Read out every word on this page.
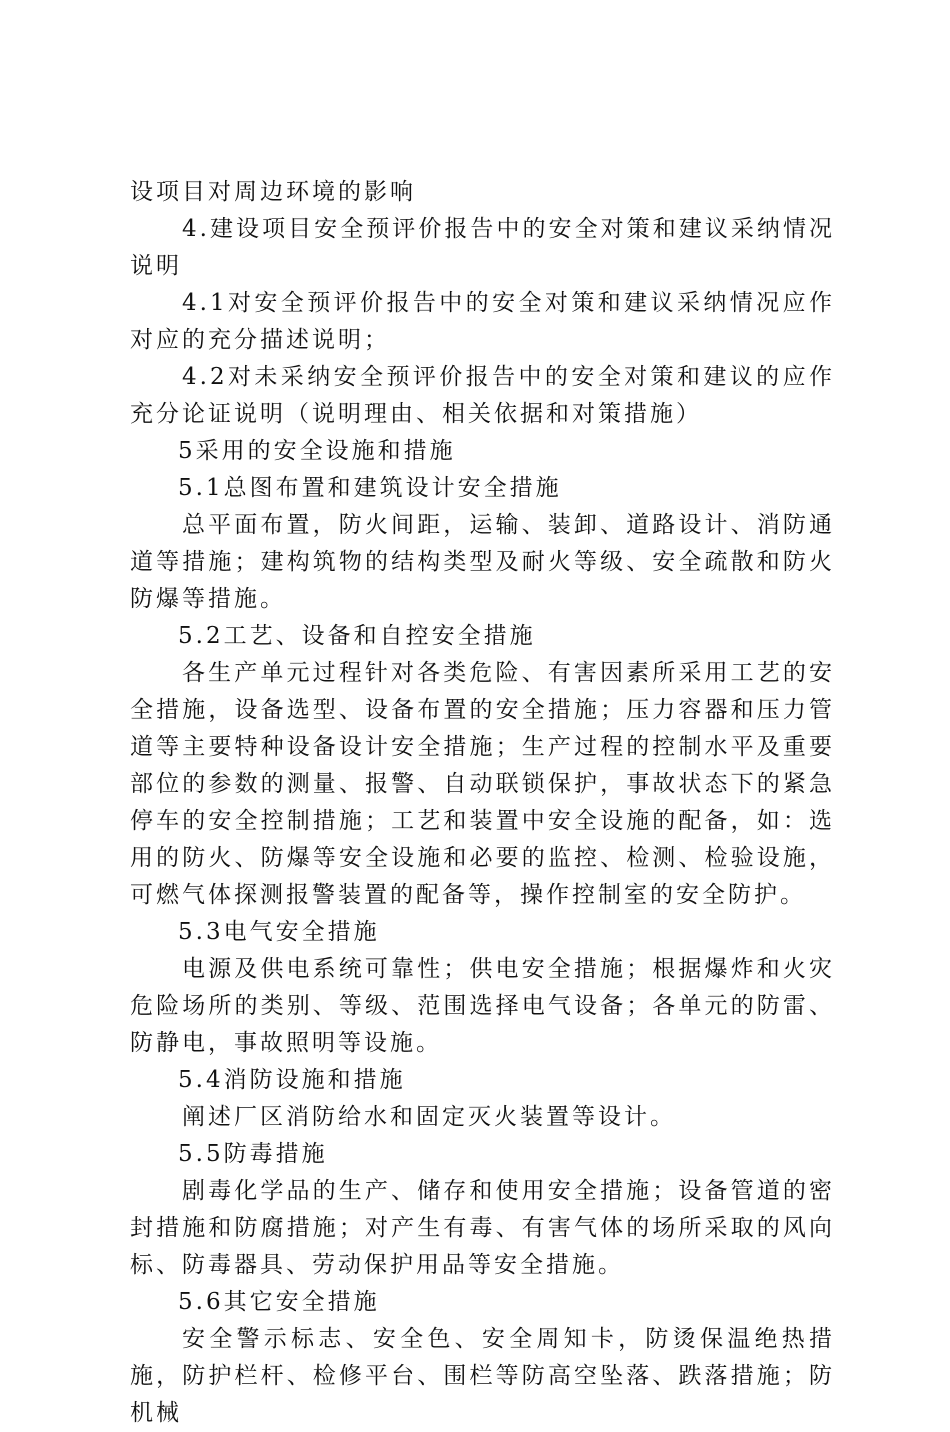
设项目对周边环境的影响

4.建设项目安全预评价报告中的安全对策和建议采纳情况说明

4.1对安全预评价报告中的安全对策和建议采纳情况应作对应的充分描述说明；

4.2对未采纳安全预评价报告中的安全对策和建议的应作充分论证说明（说明理由、相关依据和对策措施）

5采用的安全设施和措施

5.1总图布置和建筑设计安全措施

总平面布置，防火间距，运输、装卸、道路设计、消防通道等措施；建构筑物的结构类型及耐火等级、安全疏散和防火防爆等措施。

5.2工艺、设备和自控安全措施

各生产单元过程针对各类危险、有害因素所采用工艺的安全措施，设备选型、设备布置的安全措施；压力容器和压力管道等主要特种设备设计安全措施；生产过程的控制水平及重要部位的参数的测量、报警、自动联锁保护，事故状态下的紧急停车的安全控制措施；工艺和装置中安全设施的配备，如：选用的防火、防爆等安全设施和必要的监控、检测、检验设施，可燃气体探测报警装置的配备等，操作控制室的安全防护。

5.3电气安全措施

电源及供电系统可靠性；供电安全措施；根据爆炸和火灾危险场所的类别、等级、范围选择电气设备；各单元的防雷、防静电，事故照明等设施。

5.4消防设施和措施

阐述厂区消防给水和固定灭火装置等设计。

5.5防毒措施

剧毒化学品的生产、储存和使用安全措施；设备管道的密封措施和防腐措施；对产生有毒、有害气体的场所采取的风向标、防毒器具、劳动保护用品等安全措施。

5.6其它安全措施

安全警示标志、安全色、安全周知卡，防烫保温绝热措施，防护栏杆、检修平台、围栏等防高空坠落、跌落措施；防机械
